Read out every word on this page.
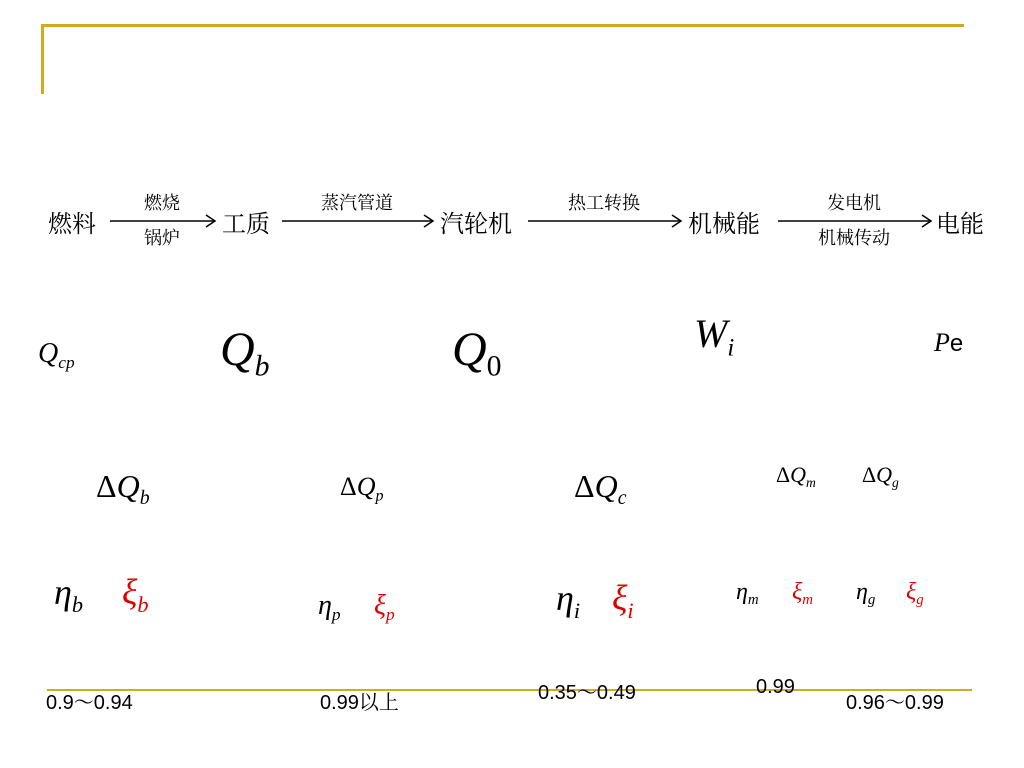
燃料
燃烧
锅炉
工质
蒸汽管道
汽轮机
热工转换
机械能
发电机
机械传动
电能
$Q_{cp}$	$Q_b$	$Q_0$
$W_i$	Pe
$\Delta Q_b$	$\Delta Q_p$	$\Delta Q_c$
$\Delta Q_m$ $\Delta Q_g$
$\eta_b$ $\xi_b$	$\eta_p$ $\xi_p$	$\eta_i$ $\xi_i$
$\eta_m$ $\xi_m$ $\eta_g$ $\xi_g$
0.9～0.94	0.99以上	0.35～0.49	0.99
0.96～0.99
